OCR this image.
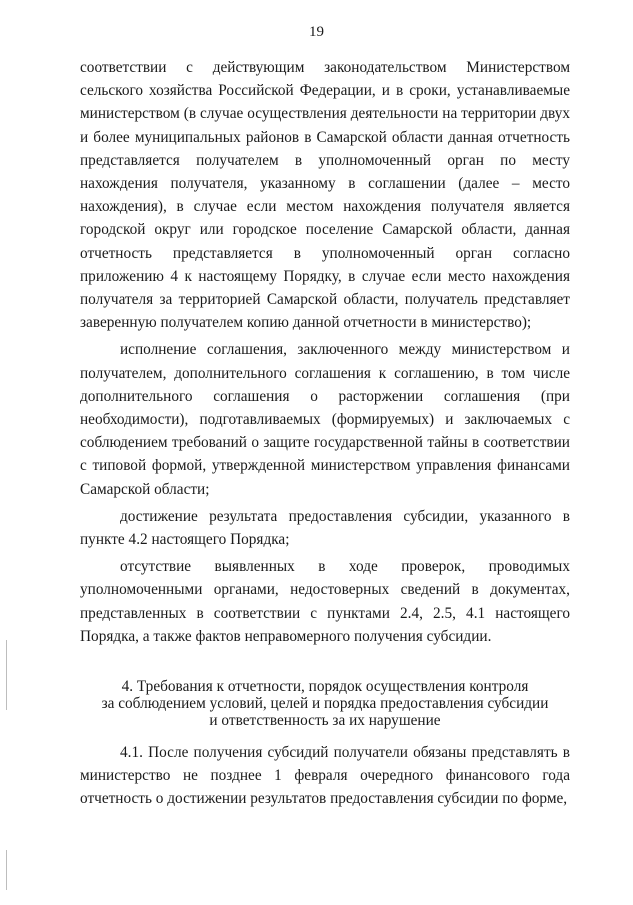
19

соответствии с действующим законодательством Министерством сельского хозяйства Российской Федерации, и в сроки, устанавливаемые министерством (в случае осуществления деятельности на территории двух и более муниципальных районов в Самарской области данная отчетность представляется получателем в уполномоченный орган по месту нахождения получателя, указанному в соглашении (далее – место нахождения), в случае если местом нахождения получателя является городской округ или городское поселение Самарской области, данная отчетность представляется в уполномоченный орган согласно приложению 4 к настоящему Порядку, в случае если место нахождения получателя за территорией Самарской области, получатель представляет заверенную получателем копию данной отчетности в министерство);

исполнение соглашения, заключенного между министерством и получателем, дополнительного соглашения к соглашению, в том числе дополнительного соглашения о расторжении соглашения (при необходимости), подготавливаемых (формируемых) и заключаемых с соблюдением требований о защите государственной тайны в соответствии с типовой формой, утвержденной министерством управления финансами Самарской области;

достижение результата предоставления субсидии, указанного в пункте 4.2 настоящего Порядка;

отсутствие выявленных в ходе проверок, проводимых уполномоченными органами, недостоверных сведений в документах, представленных в соответствии с пунктами 2.4, 2.5, 4.1 настоящего Порядка, а также фактов неправомерного получения субсидии.

4. Требования к отчетности, порядок осуществления контроля
за соблюдением условий, целей и порядка предоставления субсидии
и ответственность за их нарушение

4.1. После получения субсидий получатели обязаны представлять в министерство не позднее 1 февраля очередного финансового года отчетность о достижении результатов предоставления субсидии по форме,
